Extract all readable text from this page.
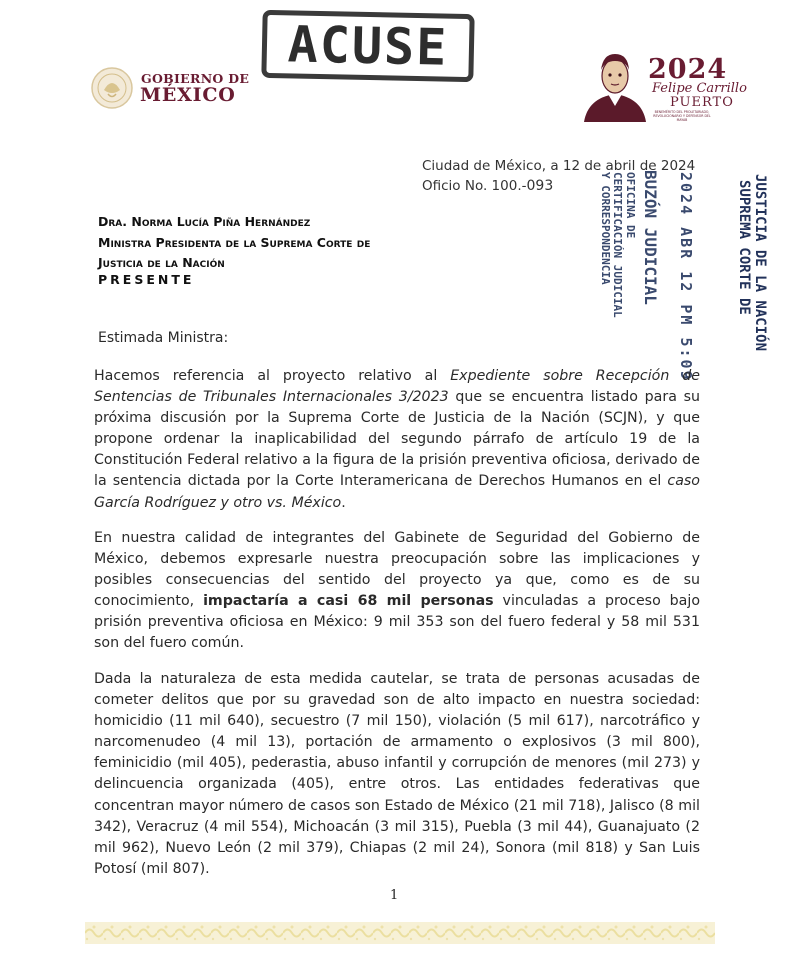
GOBIERNO DE
MÉXICO
ACUSE	2024
Felipe Carrillo
PUERTO
BENEMÉRITO DEL PROLETARIADO, REVOLUCIONARIO Y DEFENSOR DEL MAYAB
Ciudad de México, a 12 de abril de 2024
Oficio No. 100.-093	Y CORRESPONDENCIA CERTIFICACIÓN JUDICIAL OFICINA DE BUZÓN JUDICIAL 2024 ABR 12 PM 5:09	SUPREMA CORTE DE JUSTICIA DE LA NACIÓN
Dra. Norma Lucía Piña Hernández
Ministra Presidenta de la Suprema Corte de
Justicia de la Nación
PRESENTE
Estimada Ministra:
Hacemos referencia al proyecto relativo al Expediente sobre Recepción de Sentencias de Tribunales Internacionales 3/2023 que se encuentra listado para su próxima discusión por la Suprema Corte de Justicia de la Nación (SCJN), y que propone ordenar la inaplicabilidad del segundo párrafo de artículo 19 de la Constitución Federal relativo a la figura de la prisión preventiva oficiosa, derivado de la sentencia dictada por la Corte Interamericana de Derechos Humanos en el caso García Rodríguez y otro vs. México.
En nuestra calidad de integrantes del Gabinete de Seguridad del Gobierno de México, debemos expresarle nuestra preocupación sobre las implicaciones y posibles consecuencias del sentido del proyecto ya que, como es de su conocimiento, impactaría a casi 68 mil personas vinculadas a proceso bajo prisión preventiva oficiosa en México: 9 mil 353 son del fuero federal y 58 mil 531 son del fuero común.
Dada la naturaleza de esta medida cautelar, se trata de personas acusadas de cometer delitos que por su gravedad son de alto impacto en nuestra sociedad: homicidio (11 mil 640), secuestro (7 mil 150), violación (5 mil 617), narcotráfico y narcomenudeo (4 mil 13), portación de armamento o explosivos (3 mil 800), feminicidio (mil 405), pederastia, abuso infantil y corrupción de menores (mil 273) y delincuencia organizada (405), entre otros. Las entidades federativas que concentran mayor número de casos son Estado de México (21 mil 718), Jalisco (8 mil 342), Veracruz (4 mil 554), Michoacán (3 mil 315), Puebla (3 mil 44), Guanajuato (2 mil 962), Nuevo León (2 mil 379), Chiapas (2 mil 24), Sonora (mil 818) y San Luis Potosí (mil 807).
1
